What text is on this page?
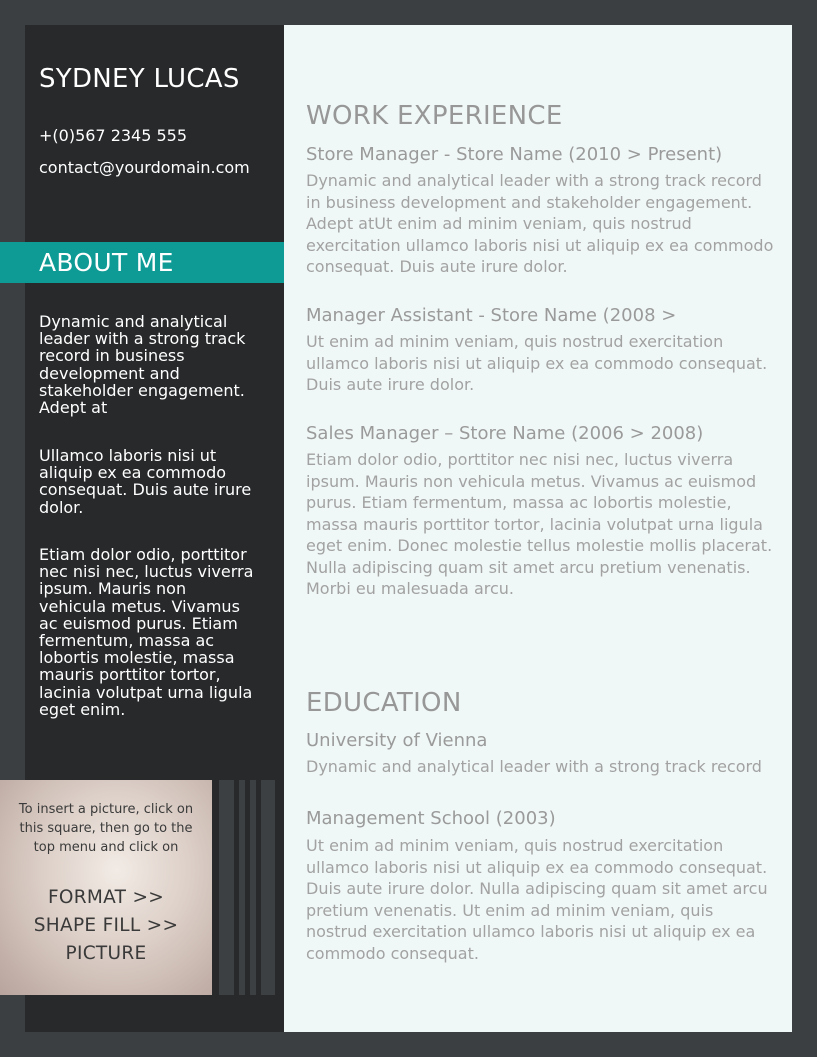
SYDNEY LUCAS
+(0)567 2345 555
contact@yourdomain.com
ABOUT ME

Dynamic and analytical leader with a strong track record in business development and stakeholder engagement. Adept at

Ullamco laboris nisi ut aliquip ex ea commodo consequat. Duis aute irure dolor.

Etiam dolor odio, porttitor nec nisi nec, luctus viverra ipsum. Mauris non vehicula metus. Vivamus ac euismod purus. Etiam fermentum, massa ac lobortis molestie, massa mauris porttitor tortor, lacinia volutpat urna ligula eget enim.

To insert a picture, click on this square, then go to the top menu and click on
FORMAT >>
SHAPE FILL >>
PICTURE
WORK EXPERIENCE
Store Manager - Store Name (2010 > Present)

Dynamic and analytical leader with a strong track record in business development and stakeholder engagement. Adept atUt enim ad minim veniam, quis nostrud exercitation ullamco laboris nisi ut aliquip ex ea commodo consequat. Duis aute irure dolor.

Manager Assistant - Store Name (2008 >

Ut enim ad minim veniam, quis nostrud exercitation ullamco laboris nisi ut aliquip ex ea commodo consequat. Duis aute irure dolor.

Sales Manager – Store Name (2006 > 2008)

Etiam dolor odio, porttitor nec nisi nec, luctus viverra ipsum. Mauris non vehicula metus. Vivamus ac euismod purus. Etiam fermentum, massa ac lobortis molestie, massa mauris porttitor tortor, lacinia volutpat urna ligula eget enim. Donec molestie tellus molestie mollis placerat. Nulla adipiscing quam sit amet arcu pretium venenatis. Morbi eu malesuada arcu.

EDUCATION
University of Vienna

Dynamic and analytical leader with a strong track record

Management School (2003)

Ut enim ad minim veniam, quis nostrud exercitation ullamco laboris nisi ut aliquip ex ea commodo consequat. Duis aute irure dolor. Nulla adipiscing quam sit amet arcu pretium venenatis. Ut enim ad minim veniam, quis nostrud exercitation ullamco laboris nisi ut aliquip ex ea commodo consequat.
